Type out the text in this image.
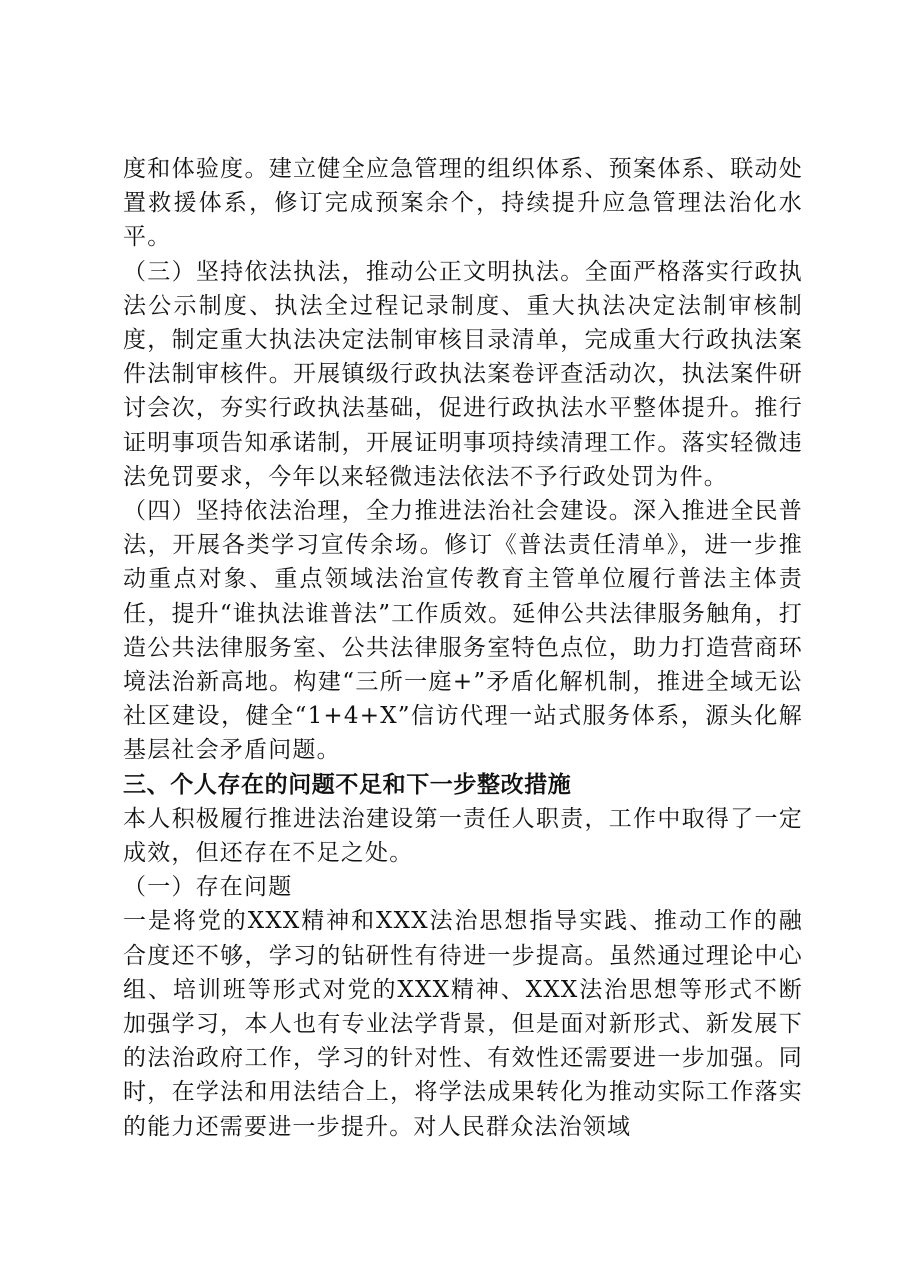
度和体验度。建立健全应急管理的组织体系、预案体系、联动处置救援体系，修订完成预案余个，持续提升应急管理法治化水平。

（三）坚持依法执法，推动公正文明执法。全面严格落实行政执法公示制度、执法全过程记录制度、重大执法决定法制审核制度，制定重大执法决定法制审核目录清单，完成重大行政执法案件法制审核件。开展镇级行政执法案卷评查活动次，执法案件研讨会次，夯实行政执法基础，促进行政执法水平整体提升。推行证明事项告知承诺制，开展证明事项持续清理工作。落实轻微违法免罚要求，今年以来轻微违法依法不予行政处罚为件。

（四）坚持依法治理，全力推进法治社会建设。深入推进全民普法，开展各类学习宣传余场。修订《普法责任清单》，进一步推动重点对象、重点领域法治宣传教育主管单位履行普法主体责任，提升“谁执法谁普法”工作质效。延伸公共法律服务触角，打造公共法律服务室、公共法律服务室特色点位，助力打造营商环境法治新高地。构建“三所一庭+”矛盾化解机制，推进全域无讼社区建设，健全“1+4+X”信访代理一站式服务体系，源头化解基层社会矛盾问题。

三、个人存在的问题不足和下一步整改措施

本人积极履行推进法治建设第一责任人职责，工作中取得了一定成效，但还存在不足之处。

（一）存在问题

一是将党的XXX精神和XXX法治思想指导实践、推动工作的融合度还不够，学习的钻研性有待进一步提高。虽然通过理论中心组、培训班等形式对党的XXX精神、XXX法治思想等形式不断加强学习，本人也有专业法学背景，但是面对新形式、新发展下的法治政府工作，学习的针对性、有效性还需要进一步加强。同时，在学法和用法结合上，将学法成果转化为推动实际工作落实的能力还需要进一步提升。对人民群众法治领域
